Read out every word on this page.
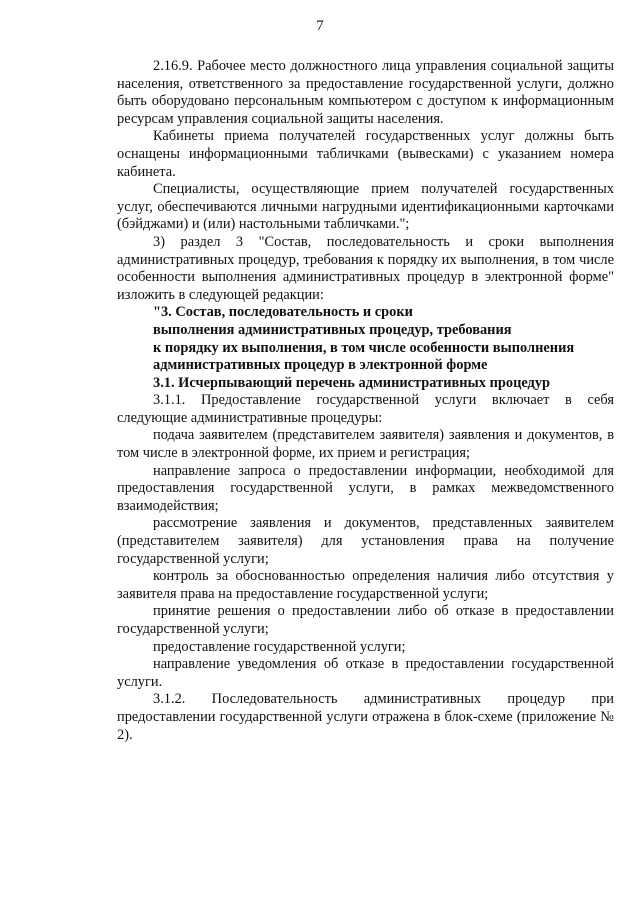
7

2.16.9. Рабочее место должностного лица управления социальной защиты населения, ответственного за предоставление государственной услуги, должно быть оборудовано персональным компьютером с доступом к информационным ресурсам управления социальной защиты населения.

Кабинеты приема получателей государственных услуг должны быть оснащены информационными табличками (вывесками) с указанием номера кабинета.

Специалисты, осуществляющие прием получателей государственных услуг, обеспечиваются личными нагрудными идентификационными карточками (бэйджами) и (или) настольными табличками.";

3) раздел 3 "Состав, последовательность и сроки выполнения административных процедур, требования к порядку их выполнения, в том числе особенности выполнения административных процедур в электронной форме" изложить в следующей редакции:

"3. Состав, последовательность и сроки

выполнения административных процедур, требования

к порядку их выполнения, в том числе особенности выполнения

административных процедур в электронной форме

3.1. Исчерпывающий перечень административных процедур

3.1.1. Предоставление государственной услуги включает в себя следующие административные процедуры:

подача заявителем (представителем заявителя) заявления и документов, в том числе в электронной форме, их прием и регистрация;

направление запроса о предоставлении информации, необходимой для предоставления государственной услуги, в рамках межведомственного взаимодействия;

рассмотрение заявления и документов, представленных заявителем (представителем заявителя) для установления права на получение государственной услуги;

контроль за обоснованностью определения наличия либо отсутствия у заявителя права на предоставление государственной услуги;

принятие решения о предоставлении либо об отказе в предоставлении государственной услуги;

предоставление государственной услуги;

направление уведомления об отказе в предоставлении государственной услуги.

3.1.2. Последовательность административных процедур при предоставлении государственной услуги отражена в блок-схеме (приложение № 2).
